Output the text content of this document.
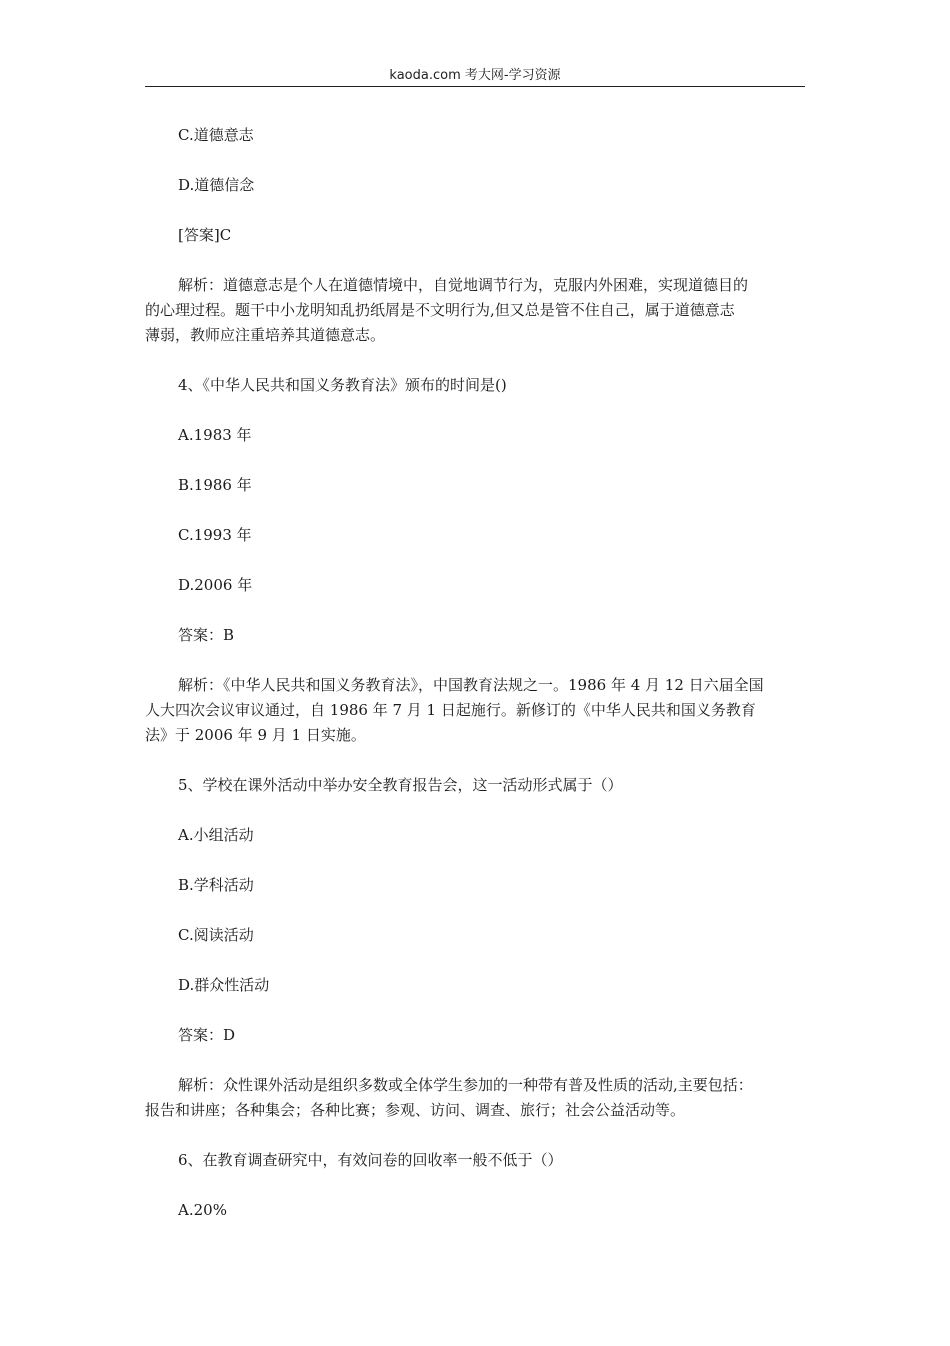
kaoda.com 考大网-学习资源
C.道德意志
D.道德信念
[答案]C
解析：道德意志是个人在道德情境中，自觉地调节行为，克服内外困难，实现道德目的
的心理过程。题干中小龙明知乱扔纸屑是不文明行为,但又总是管不住自己，属于道德意志
薄弱，教师应注重培养其道德意志。
4、《中华人民共和国义务教育法》颁布的时间是()
A.1983 年
B.1986 年
C.1993 年
D.2006 年
答案：B
解析：《中华人民共和国义务教育法》，中国教育法规之一。1986 年 4 月 12 日六届全国
人大四次会议审议通过，自 1986 年 7 月 1 日起施行。新修订的《中华人民共和国义务教育
法》于 2006 年 9 月 1 日实施。
5、学校在课外活动中举办安全教育报告会，这一活动形式属于（）
A.小组活动
B.学科活动
C.阅读活动
D.群众性活动
答案：D
解析：众性课外活动是组织多数或全体学生参加的一种带有普及性质的活动,主要包括：
报告和讲座；各种集会；各种比赛；参观、访问、调查、旅行；社会公益活动等。
6、在教育调查研究中，有效问卷的回收率一般不低于（）
A.20%
